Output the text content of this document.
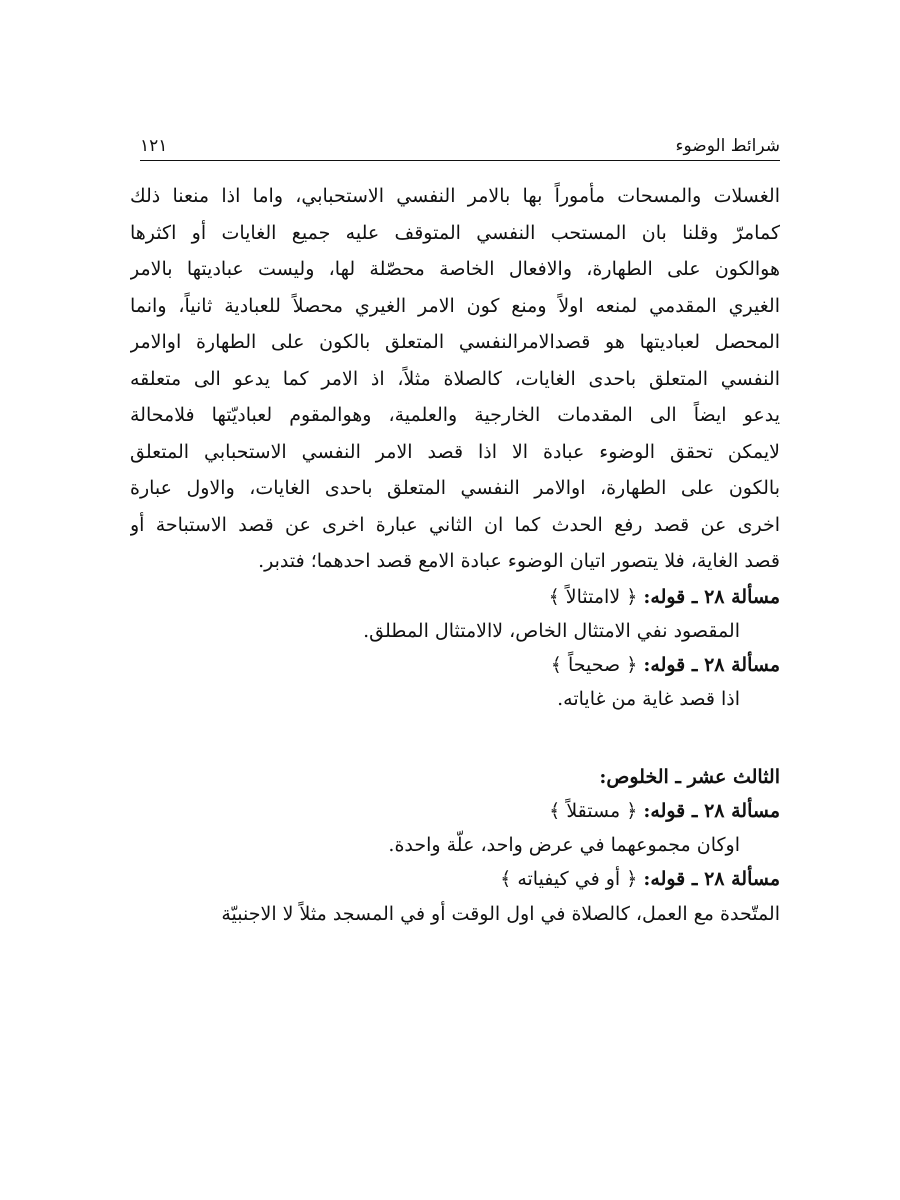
شرائط الوضوء
١٢١

الغسلات والمسحات مأموراً بها بالامر النفسي الاستحبابي، واما اذا منعنا ذلك

كمامرّ وقلنا بان المستحب النفسي المتوقف عليه جميع الغايات أو اكثرها

هوالكون على الطهارة، والافعال الخاصة محصّلة لها، وليست عباديتها بالامر

الغيري المقدمي لمنعه اولاً ومنع كون الامر الغيري محصلاً للعبادية ثانياً، وانما

المحصل لعباديتها هو قصدالامرالنفسي المتعلق بالكون على الطهارة اوالامر

النفسي المتعلق باحدى الغايات، كالصلاة مثلاً، اذ الامر كما يدعو الى متعلقه

يدعو ايضاً الى المقدمات الخارجية والعلمية، وهوالمقوم لعباديّتها فلامحالة

لايمكن تحقق الوضوء عبادة الا اذا قصد الامر النفسي الاستحبابي المتعلق

بالكون على الطهارة، اوالامر النفسي المتعلق باحدى الغايات، والاول عبارة

اخرى عن قصد رفع الحدث كما ان الثاني عبارة اخرى عن قصد الاستباحة أو

قصد الغاية، فلا يتصور اتيان الوضوء عبادة الامع قصد احدهما؛ فتدبر.

مسألة ٢٨ ـ قوله: ﴿ لاامتثالاً ﴾

المقصود نفي الامتثال الخاص، لاالامتثال المطلق.

مسألة ٢٨ ـ قوله: ﴿ صحيحاً ﴾

اذا قصد غاية من غاياته.

الثالث عشر ـ الخلوص:

مسألة ٢٨ ـ قوله: ﴿ مستقلاً ﴾

اوكان مجموعهما في عرض واحد، علّة واحدة.

مسألة ٢٨ ـ قوله: ﴿ أو في كيفياته ﴾

المتّحدة مع العمل، كالصلاة في اول الوقت أو في المسجد مثلاً لا الاجنبيّة
